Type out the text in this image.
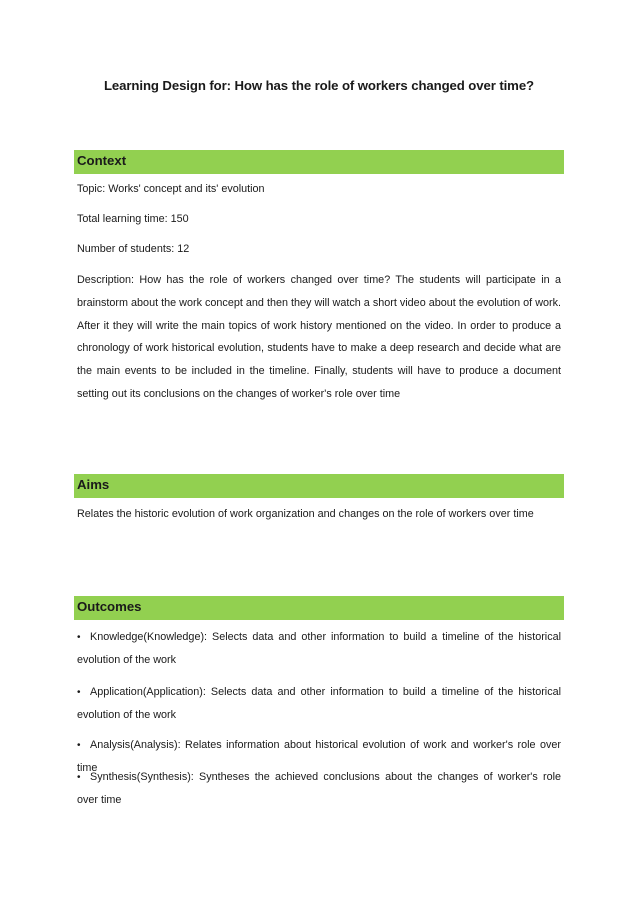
Learning Design for: How has the role of workers changed over time?
Context
Topic: Works' concept and its' evolution
Total learning time: 150
Number of students: 12
Description: How has the role of workers changed over time? The students will participate in a brainstorm about the work concept and then they will watch a short video about the evolution of work. After it they will write the main topics of work history mentioned on the video. In order to produce a chronology of work historical evolution, students have to make a deep research and decide what are the main events to be included in the timeline. Finally, students will have to produce a document setting out its conclusions on the changes of worker's role over time
Aims
Relates the historic evolution of work organization and changes on the role of workers over time
Outcomes
• Knowledge(Knowledge): Selects data and other information to build a timeline of the historical evolution of the work
• Application(Application): Selects data and other information to build a timeline of the historical evolution of the work
• Analysis(Analysis): Relates information about historical evolution of work and worker's role over time
• Synthesis(Synthesis): Syntheses the achieved conclusions about the changes of worker's role over time
